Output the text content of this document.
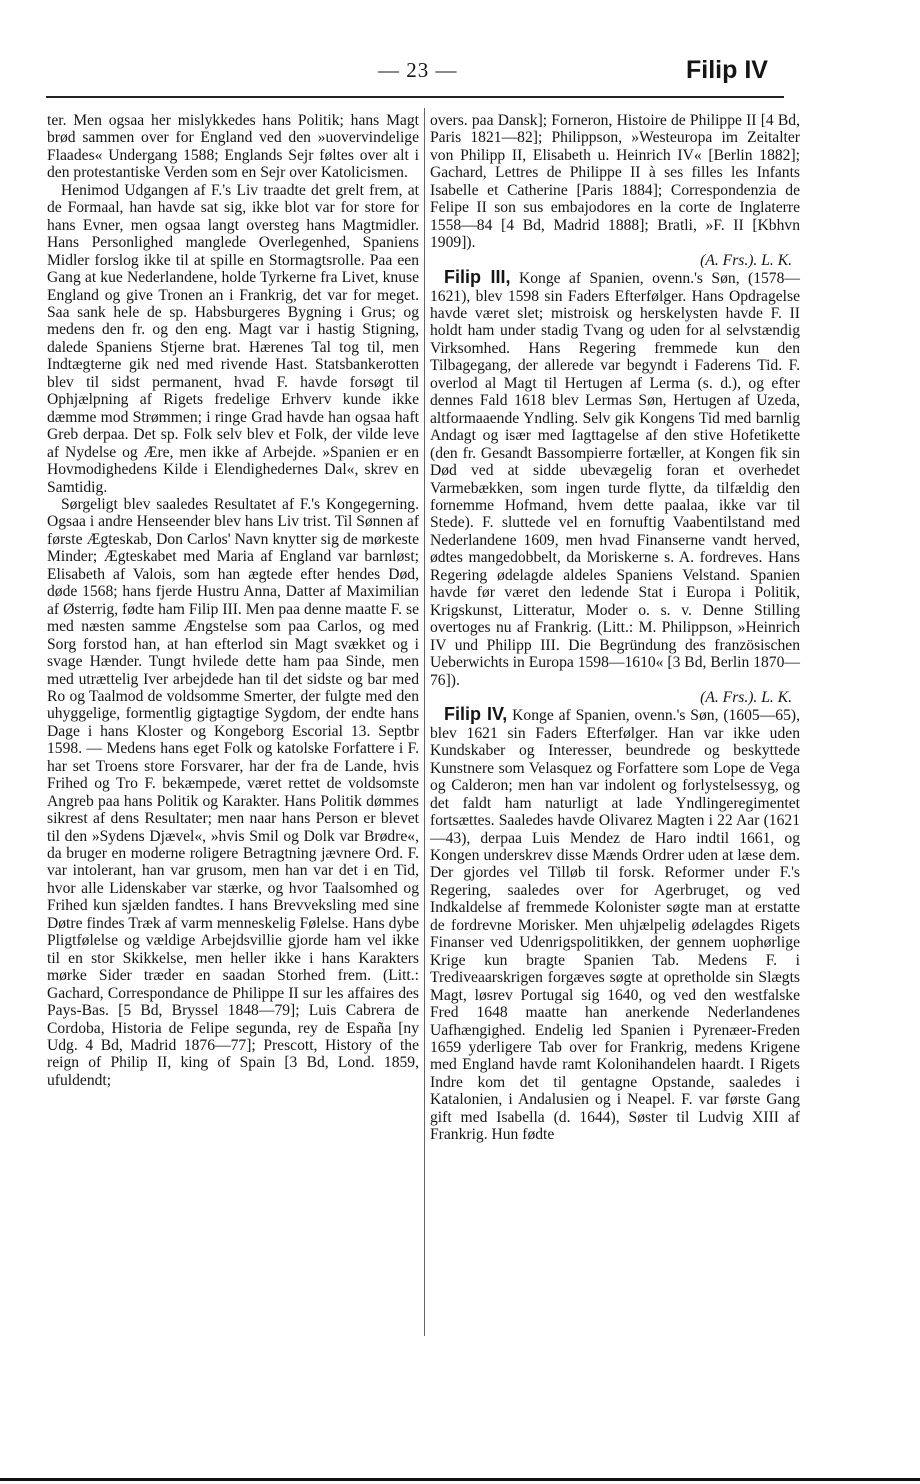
— 23 —	Filip IV

ter. Men ogsaa her mislykkedes hans Politik; hans Magt brød sammen over for England ved den »uovervindelige Flaades« Undergang 1588; Englands Sejr føltes over alt i den protestantiske Verden som en Sejr over Katolicismen.

Henimod Udgangen af F.'s Liv traadte det grelt frem, at de Formaal, han havde sat sig, ikke blot var for store for hans Evner, men ogsaa langt oversteg hans Magtmidler. Hans Personlighed manglede Overlegenhed, Spaniens Midler forslog ikke til at spille en Stormagtsrolle. Paa een Gang at kue Nederlandene, holde Tyrkerne fra Livet, knuse England og give Tronen an i Frankrig, det var for meget. Saa sank hele de sp. Habsburgeres Bygning i Grus; og medens den fr. og den eng. Magt var i hastig Stigning, dalede Spaniens Stjerne brat. Hærenes Tal tog til, men Indtægterne gik ned med rivende Hast. Statsbankerotten blev til sidst permanent, hvad F. havde forsøgt til Ophjælpning af Rigets fredelige Erhverv kunde ikke dæmme mod Strømmen; i ringe Grad havde han ogsaa haft Greb derpaa. Det sp. Folk selv blev et Folk, der vilde leve af Nydelse og Ære, men ikke af Arbejde. »Spanien er en Hovmodighedens Kilde i Elendighedernes Dal«, skrev en Samtidig.

Sørgeligt blev saaledes Resultatet af F.'s Kongegerning. Ogsaa i andre Henseender blev hans Liv trist. Til Sønnen af første Ægteskab, Don Carlos' Navn knytter sig de mørkeste Minder; Ægteskabet med Maria af England var barnløst; Elisabeth af Valois, som han ægtede efter hendes Død, døde 1568; hans fjerde Hustru Anna, Datter af Maximilian af Østerrig, fødte ham Filip III. Men paa denne maatte F. se med næsten samme Ængstelse som paa Carlos, og med Sorg forstod han, at han efterlod sin Magt svækket og i svage Hænder. Tungt hvilede dette ham paa Sinde, men med utrættelig Iver arbejdede han til det sidste og bar med Ro og Taalmod de voldsomme Smerter, der fulgte med den uhyggelige, formentlig gigtagtige Sygdom, der endte hans Dage i hans Kloster og Kongeborg Escorial 13. Septbr 1598. — Medens hans eget Folk og katolske Forfattere i F. har set Troens store Forsvarer, har der fra de Lande, hvis Frihed og Tro F. bekæmpede, været rettet de voldsomste Angreb paa hans Politik og Karakter. Hans Politik dømmes sikrest af dens Resultater; men naar hans Person er blevet til den »Sydens Djævel«, »hvis Smil og Dolk var Brødre«, da bruger en moderne roligere Betragtning jævnere Ord. F. var intolerant, han var grusom, men han var det i en Tid, hvor alle Lidenskaber var stærke, og hvor Taalsomhed og Frihed kun sjælden fandtes. I hans Brevveksling med sine Døtre findes Træk af varm menneskelig Følelse. Hans dybe Pligtfølelse og vældige Arbejdsvillie gjorde ham vel ikke til en stor Skikkelse, men heller ikke i hans Karakters mørke Sider træder en saadan Storhed frem. (Litt.: Gachard, Correspondance de Philippe II sur les affaires des Pays-Bas. [5 Bd, Bryssel 1848—79]; Luis Cabrera de Cordoba, Historia de Felipe segunda, rey de España [ny Udg. 4 Bd, Madrid 1876—77]; Prescott, History of the reign of Philip II, king of Spain [3 Bd, Lond. 1859, ufuldendt;

overs. paa Dansk]; Forneron, Histoire de Philippe II [4 Bd, Paris 1821—82]; Philippson, »Westeuropa im Zeitalter von Philipp II, Elisabeth u. Heinrich IV« [Berlin 1882]; Gachard, Lettres de Philippe II à ses filles les Infants Isabelle et Catherine [Paris 1884]; Correspondenzia de Felipe II son sus embajodores en la corte de Inglaterre 1558—84 [4 Bd, Madrid 1888]; Bratli, »F. II [Kbhvn 1909]).

(A. Frs.). L. K.

Filip III, Konge af Spanien, ovenn.'s Søn, (1578—1621), blev 1598 sin Faders Efterfølger. Hans Opdragelse havde været slet; mistroisk og herskelysten havde F. II holdt ham under stadig Tvang og uden for al selvstændig Virksomhed. Hans Regering fremmede kun den Tilbagegang, der allerede var begyndt i Faderens Tid. F. overlod al Magt til Hertugen af Lerma (s. d.), og efter dennes Fald 1618 blev Lermas Søn, Hertugen af Uzeda, altformaaende Yndling. Selv gik Kongens Tid med barnlig Andagt og især med Iagttagelse af den stive Hofetikette (den fr. Gesandt Bassompierre fortæller, at Kongen fik sin Død ved at sidde ubevægelig foran et overhedet Varmebækken, som ingen turde flytte, da tilfældig den fornemme Hofmand, hvem dette paalaa, ikke var til Stede). F. sluttede vel en fornuftig Vaabentilstand med Nederlandene 1609, men hvad Finanserne vandt herved, ødtes mangedobbelt, da Moriskerne s. A. fordreves. Hans Regering ødelagde aldeles Spaniens Velstand. Spanien havde før været den ledende Stat i Europa i Politik, Krigskunst, Litteratur, Moder o. s. v. Denne Stilling overtoges nu af Frankrig. (Litt.: M. Philippson, »Heinrich IV und Philipp III. Die Begründung des französischen Ueberwichts in Europa 1598—1610« [3 Bd, Berlin 1870—76]).

(A. Frs.). L. K.

Filip IV, Konge af Spanien, ovenn.'s Søn, (1605—65), blev 1621 sin Faders Efterfølger. Han var ikke uden Kundskaber og Interesser, beundrede og beskyttede Kunstnere som Velasquez og Forfattere som Lope de Vega og Calderon; men han var indolent og forlystelsessyg, og det faldt ham naturligt at lade Yndlingeregimentet fortsættes. Saaledes havde Olivarez Magten i 22 Aar (1621—43), derpaa Luis Mendez de Haro indtil 1661, og Kongen underskrev disse Mænds Ordrer uden at læse dem. Der gjordes vel Tilløb til forsk. Reformer under F.'s Regering, saaledes over for Agerbruget, og ved Indkaldelse af fremmede Kolonister søgte man at erstatte de fordrevne Morisker. Men uhjælpelig ødelagdes Rigets Finanser ved Udenrigspolitikken, der gennem uophørlige Krige kun bragte Spanien Tab. Medens F. i Trediveaarskrigen forgæves søgte at opretholde sin Slægts Magt, løsrev Portugal sig 1640, og ved den westfalske Fred 1648 maatte han anerkende Nederlandenes Uafhængighed. Endelig led Spanien i Pyrenæer-Freden 1659 yderligere Tab over for Frankrig, medens Krigene med England havde ramt Kolonihandelen haardt. I Rigets Indre kom det til gentagne Opstande, saaledes i Katalonien, i Andalusien og i Neapel. F. var første Gang gift med Isabella (d. 1644), Søster til Ludvig XIII af Frankrig. Hun fødte
